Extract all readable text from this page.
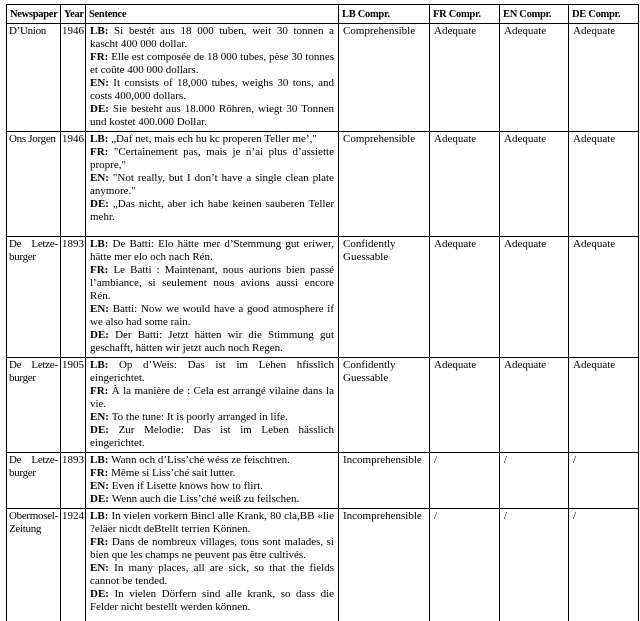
Newspaper	Year	Sentence	LB Compr.	FR Compr.	EN Compr.	DE Compr.
D’Union	1946	LB : Si bestét aus 18 000 tuben, weit 30 tonnen a kascht 400 000 dollar.
FR : Elle est composée de 18 000 tubes, pèse 30 tonnes et coûte 400 000 dollars.
EN : It consists of 18,000 tubes, weighs 30 tons, and costs 400,000 dollars.
DE : Sie besteht aus 18.000 Röhren, wiegt 30 Tonnen und kostet 400.000 Dollar.	Comprehensible	Adequate	Adequate	Adequate
Ons Jorgen	1946	LB : „Daf net, mais ech hu kc properen Teller me’,"
FR : "Certainement pas, mais je n’ai plus d’assiette propre,"
EN : "Not really, but I don’t have a single clean plate anymore."
DE : „Das nicht, aber ich habe keinen sauberen Teller mehr.	Comprehensible	Adequate	Adequate	Adequate
De Letzeburger	1893	LB : De Batti: Elo hätte mer d’Stemmung gut eriwer, hätte mer elo och nach Rén.
FR : Le Batti : Maintenant, nous aurions bien passé l’ambiance, si seulement nous avions aussi encore Rén.
EN : Batti: Now we would have a good atmosphere if we also had some rain.
DE : Der Batti: Jetzt hätten wir die Stimmung gut geschafft, hätten wir jetzt auch noch Regen.	Confidently Guessable	Adequate	Adequate	Adequate
De Letzeburger	1905	LB : Op d’Weis: Das ist im Lehen hfisslich eingerichtet.
FR : À la manière de : Cela est arrangé vilaine dans la vie.
EN : To the tune: It is poorly arranged in life.
DE : Zur Melodie: Das ist im Leben hässlich eingerichtet.	Confidently Guessable	Adequate	Adequate	Adequate
De Letzeburger	1893	LB : Wann och d’Liss’ché wéss ze feischtren.
FR : Même si Liss’ché sait lutter.
EN : Even if Lisette knows how to flirt.
DE : Wenn auch die Liss’ché weiß zu feilschen.	Incomprehensible	/	/	/
Obermosel-Zeitung	1924	LB : In vielen vorkern Bincl alle Krank, 80 cla,BB «lie ?eläer nicdt deBtellt terrien Können.
FR : Dans de nombreux villages, tous sont malades, si bien que les champs ne peuvent pas être cultivés.
EN : In many places, all are sick, so that the fields cannot be tended.
DE : In vielen Dörfern sind alle krank, so dass die Felder nicht bestellt werden können.	Incomprehensible	/	/	/
